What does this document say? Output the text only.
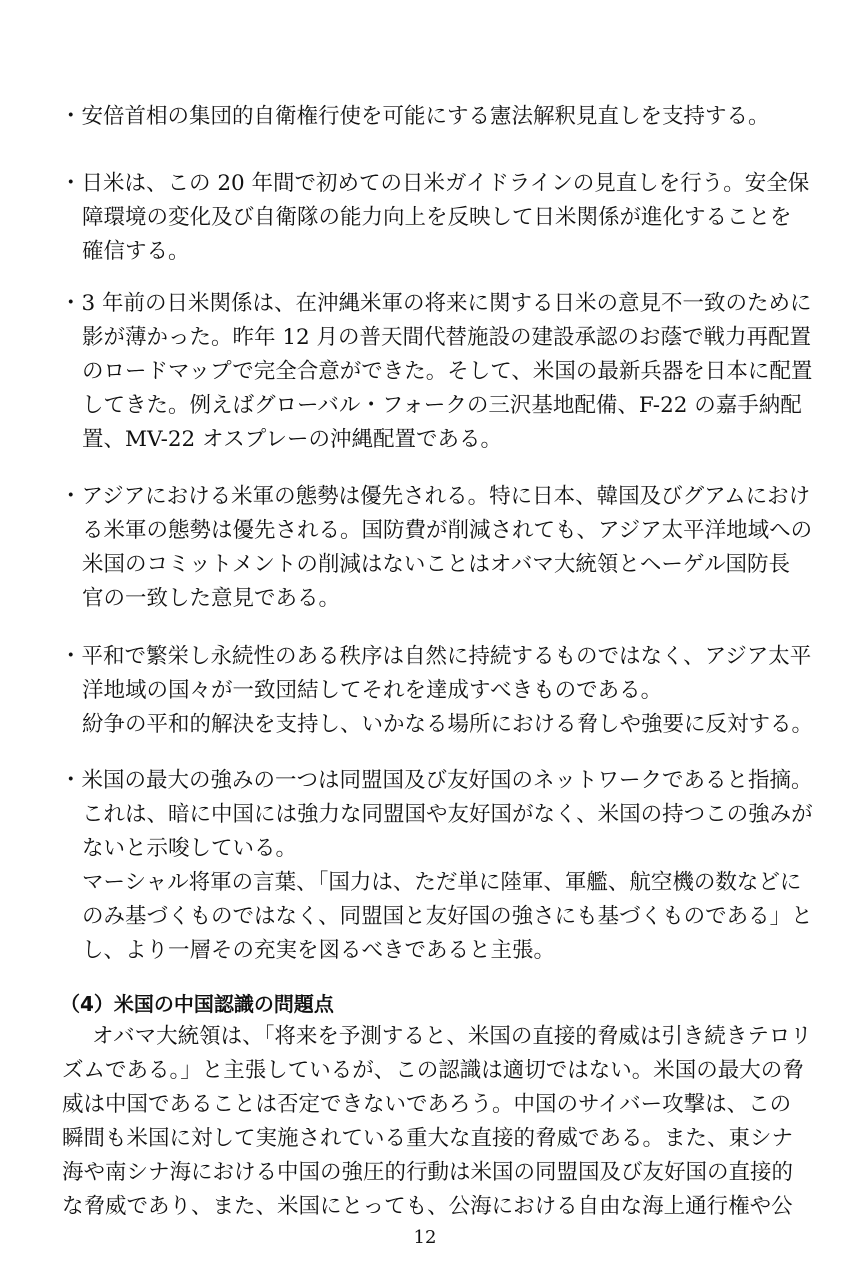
・安倍首相の集団的自衛権行使を可能にする憲法解釈見直しを支持する。
・日米は、この 20 年間で初めての日米ガイドラインの見直しを行う。安全保
障環境の変化及び自衛隊の能力向上を反映して日米関係が進化することを
確信する。
・3 年前の日米関係は、在沖縄米軍の将来に関する日米の意見不一致のために
影が薄かった。昨年 12 月の普天間代替施設の建設承認のお蔭で戦力再配置
のロードマップで完全合意ができた。そして、米国の最新兵器を日本に配置
してきた。例えばグローバル・フォークの三沢基地配備、F-22 の嘉手納配
置、MV-22 オスプレーの沖縄配置である。
・アジアにおける米軍の態勢は優先される。特に日本、韓国及びグアムにおけ
る米軍の態勢は優先される。国防費が削減されても、アジア太平洋地域への
米国のコミットメントの削減はないことはオバマ大統領とヘーゲル国防長
官の一致した意見である。
・平和で繁栄し永続性のある秩序は自然に持続するものではなく、アジア太平
洋地域の国々が一致団結してそれを達成すべきものである。
紛争の平和的解決を支持し、いかなる場所における脅しや強要に反対する。
・米国の最大の強みの一つは同盟国及び友好国のネットワークであると指摘。
これは、暗に中国には強力な同盟国や友好国がなく、米国の持つこの強みが
ないと示唆している。
マーシャル将軍の言葉、「国力は、ただ単に陸軍、軍艦、航空機の数などに
のみ基づくものではなく、同盟国と友好国の強さにも基づくものである」と
し、より一層その充実を図るべきであると主張。
（4）米国の中国認識の問題点
オバマ大統領は、「将来を予測すると、米国の直接的脅威は引き続きテロリ
ズムである。」と主張しているが、この認識は適切ではない。米国の最大の脅
威は中国であることは否定できないであろう。中国のサイバー攻撃は、この
瞬間も米国に対して実施されている重大な直接的脅威である。また、東シナ
海や南シナ海における中国の強圧的行動は米国の同盟国及び友好国の直接的
な脅威であり、また、米国にとっても、公海における自由な海上通行権や公
12
